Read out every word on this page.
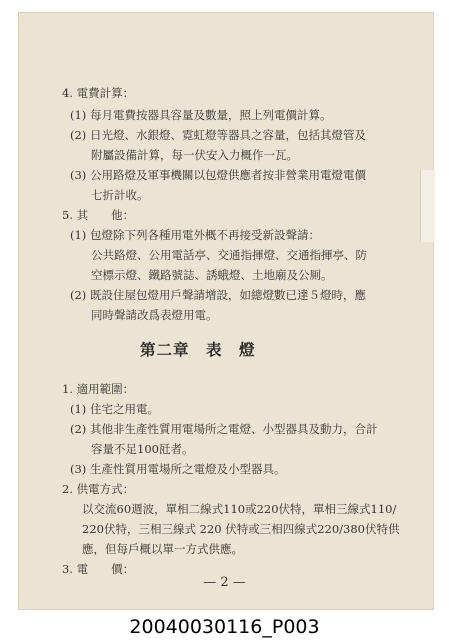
4. 電費計算：

(1) 每月電費按器具容量及數量，照上列電價計算。

(2) 日光燈、水銀燈、霓虹燈等器具之容量，包括其燈管及

附屬設備計算，每一伏安入力概作一瓦。

(3) 公用路燈及軍事機關以包燈供應者按非營業用電燈電價

七折計收。

5. 其　　他：

(1) 包燈除下列各種用電外概不再接受新設聲請：

公共路燈、公用電話亭、交通指揮燈、交通指揮亭、防

空標示燈、鐵路號誌、誘蛾燈、土地廟及公厠。

(2) 既設住屋包燈用戶聲請增設，如總燈數已達５燈時，應

同時聲請改爲表燈用電。

第二章　表　燈

1. 適用範圍：

(1) 住宅之用電。

(2) 其他非生產性質用電場所之電燈、小型器具及動力，合計

容量不足100瓩者。

(3) 生產性質用電場所之電燈及小型器具。

2. 供電方式：

以交流60週波，單相二線式110或220伏特，單相三線式110/

220伏特，三相三線式 220 伏特或三相四線式220/380伏特供

應，但每戶概以單一方式供應。

3. 電　　價：

— 2 —
20040030116_P003
